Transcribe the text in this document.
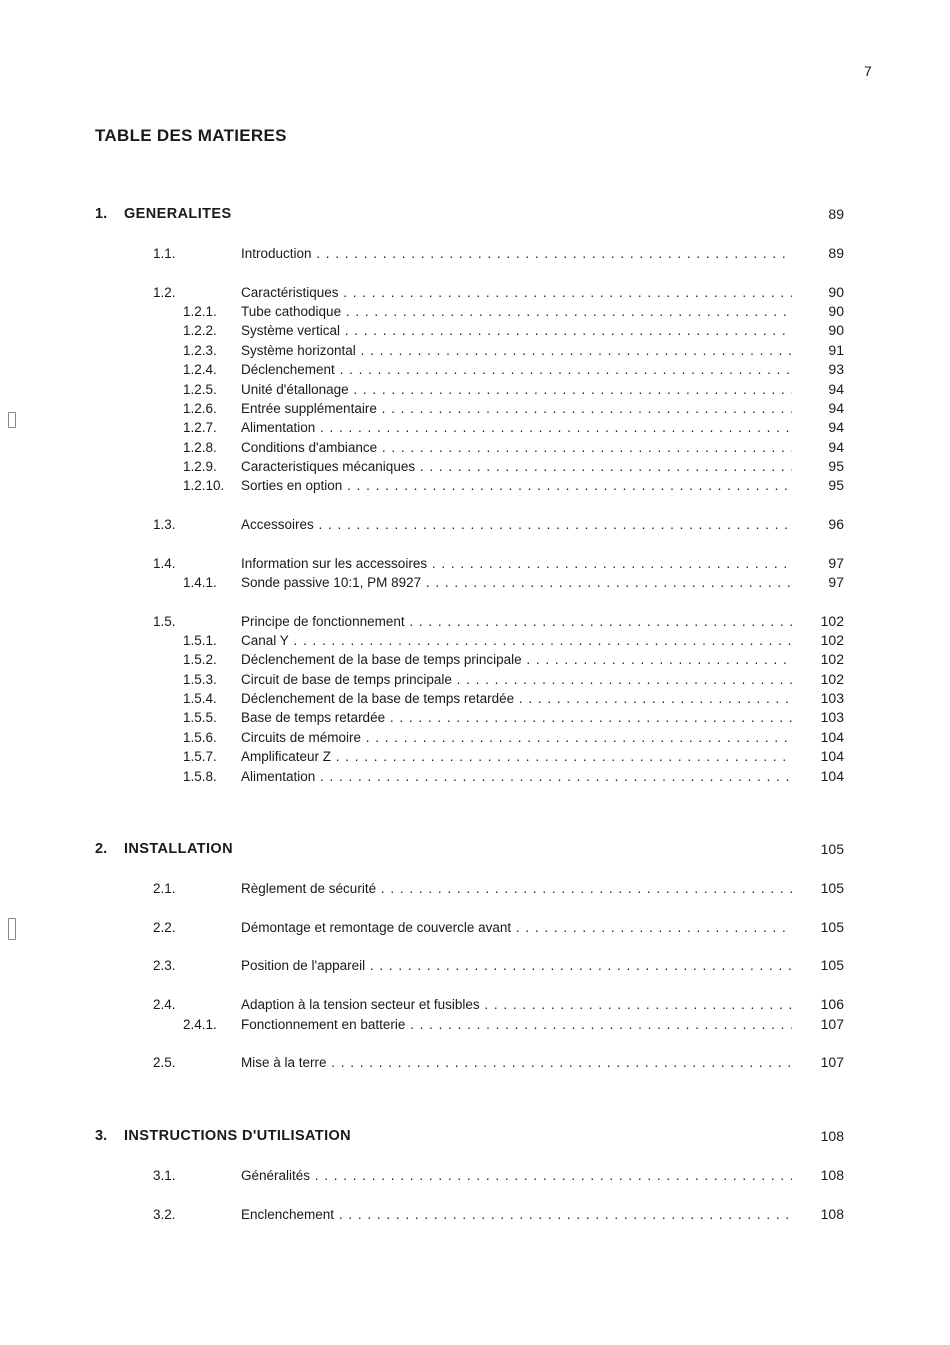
7
TABLE DES MATIERES
1. GENERALITES	89
1.1.	Introduction . . .	89
1.2.	Caractéristiques . . .	90
1.2.1. Tube cathodique . . .	90
1.2.2. Système vertical . . .	90
1.2.3. Système horizontal . . .	91
1.2.4. Déclenchement . . .	93
1.2.5. Unité d'étallonage . . .	94
1.2.6. Entrée supplémentaire . . .	94
1.2.7. Alimentation . . .	94
1.2.8. Conditions d'ambiance . . .	94
1.2.9. Caracteristiques mécaniques . . .	95
1.2.10. Sorties en option . . .	95
1.3.	Accessoires . . .	96
1.4.	Information sur les accessoires . . .	97
1.4.1. Sonde passive 10:1, PM 8927 . . .	97
1.5.	Principe de fonctionnement . . .	102
1.5.1. Canal Y . . .	102
1.5.2. Déclenchement de la base de temps principale . . .	102
1.5.3. Circuit de base de temps principale . . .	102
1.5.4. Déclenchement de la base de temps retardée . . .	103
1.5.5. Base de temps retardée . . .	103
1.5.6. Circuits de mémoire . . .	104
1.5.7. Amplificateur Z . . .	104
1.5.8. Alimentation . . .	104
2. INSTALLATION	105
2.1.	Règlement de sécurité . . .	105
2.2.	Démontage et remontage de couvercle avant . . .	105
2.3.	Position de l'appareil . . .	105
2.4.	Adaption à la tension secteur et fusibles . . .	106
2.4.1. Fonctionnement en batterie . . .	107
2.5.	Mise à la terre . . .	107
3. INSTRUCTIONS D'UTILISATION	108
3.1.	Généralités . . .	108
3.2.	Enclenchement . . .	108
